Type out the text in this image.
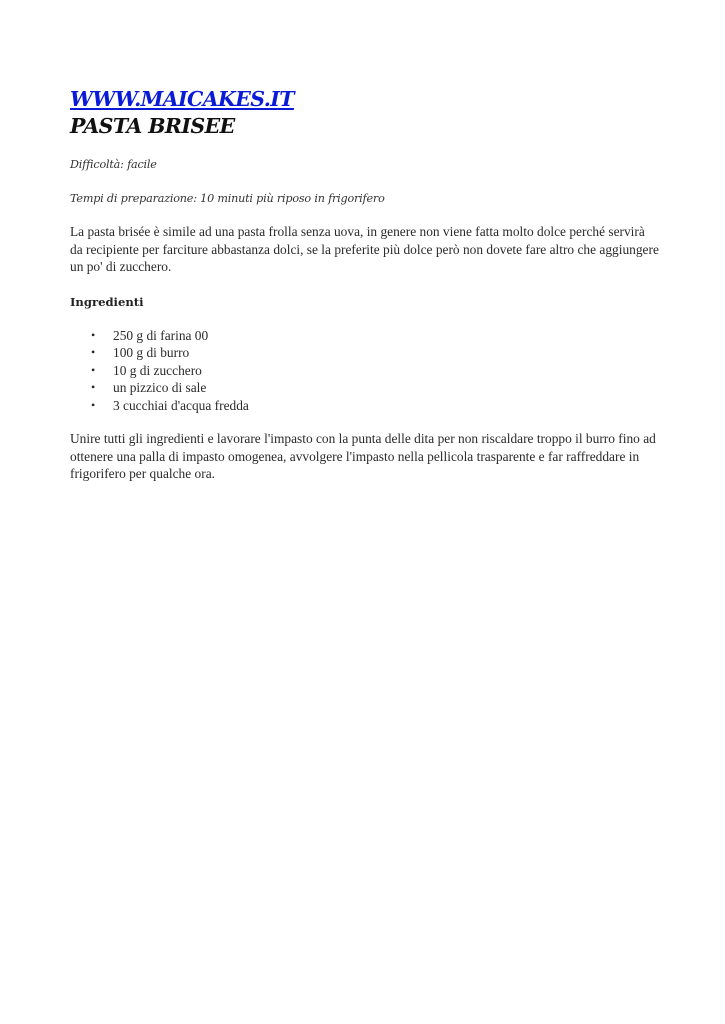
WWW.MAICAKES.IT
PASTA BRISEE

Difficoltà: facile

Tempi di preparazione: 10 minuti più riposo in frigorifero

La pasta brisée è simile ad una pasta frolla senza uova, in genere non viene fatta molto dolce perché servirà da recipiente per farciture abbastanza dolci, se la preferite più dolce però non dovete fare altro che aggiungere un po' di zucchero.

Ingredienti

• 250 g di farina 00
• 100 g di burro
• 10 g di zucchero
• un pizzico di sale
• 3 cucchiai d'acqua fredda

Unire tutti gli ingredienti e lavorare l'impasto con la punta delle dita per non riscaldare troppo il burro fino ad ottenere una palla di impasto omogenea, avvolgere l'impasto nella pellicola trasparente e far raffreddare in frigorifero per qualche ora.
